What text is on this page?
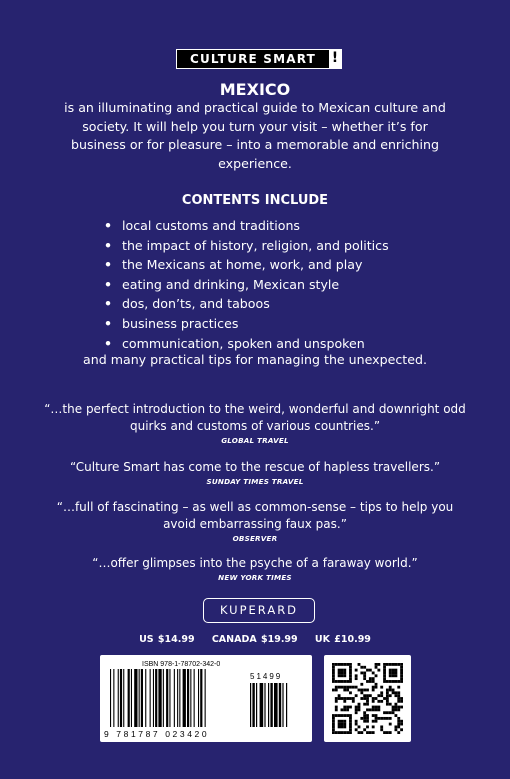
CULTURE SMART	!
MEXICO
is an illuminating and practical guide to Mexican culture and society. It will help you turn your visit – whether it’s for business or for pleasure – into a memorable and enriching experience.
CONTENTS INCLUDE
• local customs and traditions
• the impact of history, religion, and politics
• the Mexicans at home, work, and play
• eating and drinking, Mexican style
• dos, don’ts, and taboos
• business practices
• communication, spoken and unspoken
and many practical tips for managing the unexpected.
“…the perfect introduction to the weird, wonderful and downright odd quirks and customs of various countries.”
GLOBAL TRAVEL
“Culture Smart has come to the rescue of hapless travellers.”
SUNDAY TIMES TRAVEL
“…full of fascinating – as well as common-sense – tips to help you avoid embarrassing faux pas.”
OBSERVER
“…offer glimpses into the psyche of a faraway world.”
NEW YORK TIMES
KUPERARD
US $14.99    CANADA $19.99    UK £10.99
ISBN 978-1-78702-342-0
51499
9 781787 023420
